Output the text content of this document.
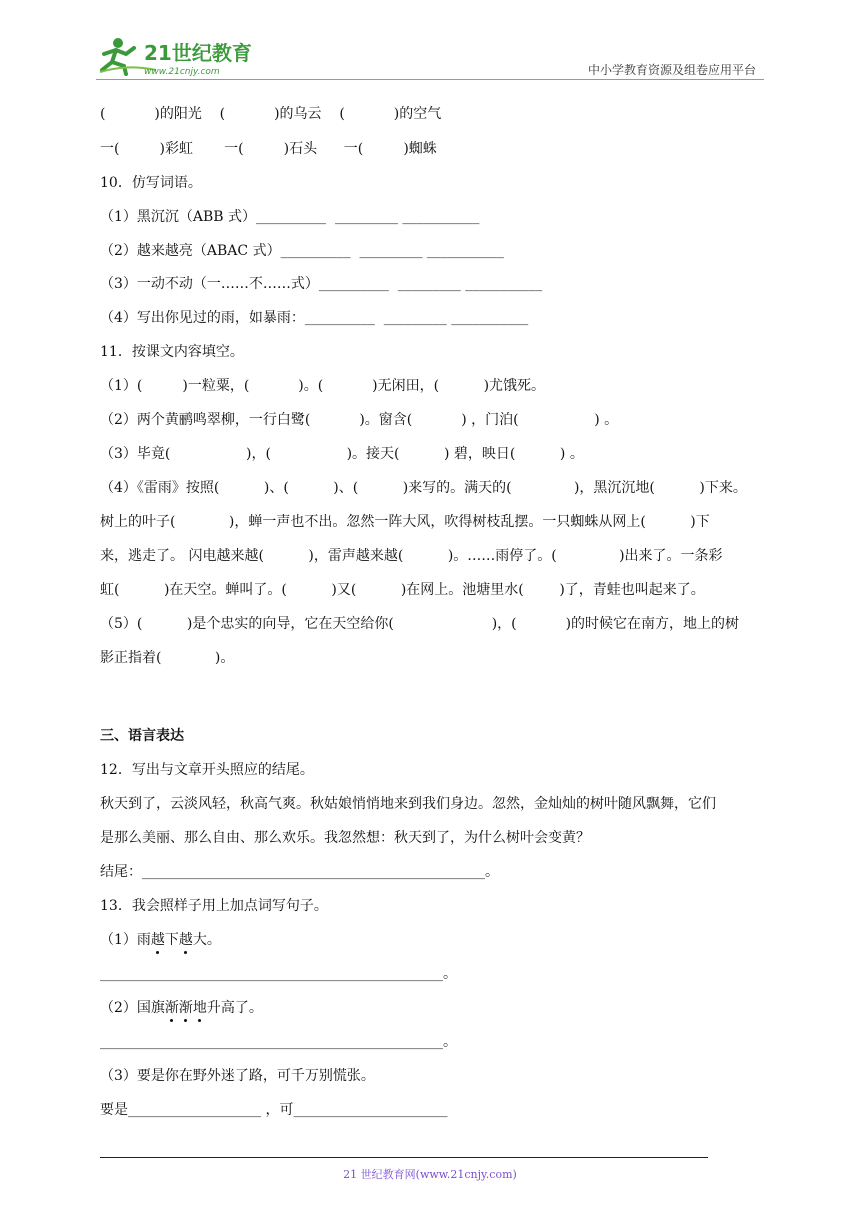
21世纪教育
www.21cnjy.com	中小学教育资源及组卷应用平台
(           )的阳光    (           )的乌云    (           )的空气
一(         )彩虹       一(         )石头      一(         )蜘蛛
10．仿写词语。
（1）黑沉沉（ABB 式）__________  _________ ___________
（2）越来越亮（ABAC 式）__________  _________ ___________
（3）一动不动（一……不……式）__________  _________ ___________
（4）写出你见过的雨，如暴雨：__________  _________ ___________
11．按课文内容填空。
（1）(         )一粒粟，(           )。(           )无闲田，(          )尤饿死。
（2）两个黄鹂鸣翠柳，一行白鹭(           )。窗含(           ) ，门泊(                 ) 。
（3）毕竟(                 )，(                 )。接天(          ) 碧，映日(          ) 。
（4）《雷雨》按照(          )、(          )、(          )来写的。满天的(              )，黑沉沉地(          )下来。
树上的叶子(            )，蝉一声也不出。忽然一阵大风，吹得树枝乱摆。一只蜘蛛从网上(          )下
来，逃走了。 闪电越来越(          )，雷声越来越(          )。……雨停了。(              )出来了。一条彩
虹(          )在天空。蝉叫了。(          )又(          )在网上。池塘里水(        )了，青蛙也叫起来了。
（5）(          )是个忠实的向导，它在天空给你(                      )，(           )的时候它在南方，地上的树
影正指着(            )。
三、语言表达
12．写出与文章开头照应的结尾。
秋天到了，云淡风轻，秋高气爽。秋姑娘悄悄地来到我们身边。忽然，金灿灿的树叶随风飘舞，它们
是那么美丽、那么自由、那么欢乐。我忽然想：秋天到了，为什么树叶会变黄？
结尾：_________________________________________________。
13．我会照样子用上加点词写句子。
（1）雨越下越大。
_________________________________________________。
（2）国旗渐渐地升高了。
_________________________________________________。
（3）要是你在野外迷了路，可千万别慌张。
要是___________________ ，可______________________
21 世纪教育网(www.21cnjy.com)
